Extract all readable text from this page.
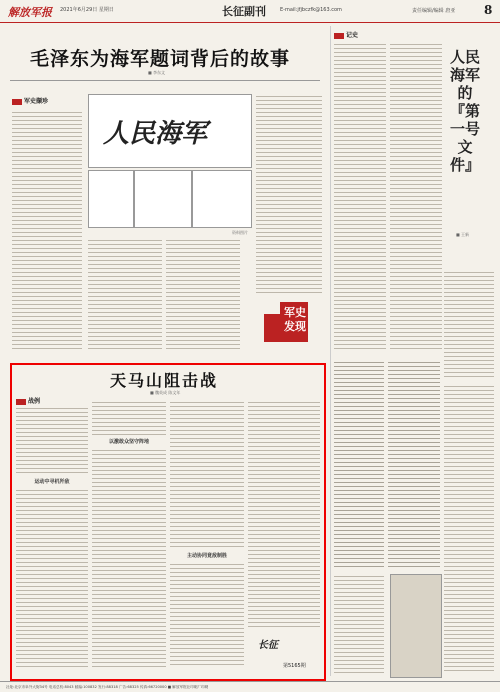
解放军报 2021年6月29日 星期日	长征副刊	E-mail:jfjbczfk@163.com	责任编辑/编辑 唐亚 8
毛泽东为海军题词背后的故事
■ 李东文
军史撷珍
人民海军
资料图片
军史
发现
记史
人民海军的『第一号文件』
■ 王新
天马山阻击战
■ 魏英成 陈文年
战例
运动中寻机歼敌
以激敢众坚守阵地
主动协同竟敌制胜
长征
第5165期
社址:北京市阜外大街34号 电话总机:8043 邮编:100832 发行:88318 广告:68325 传真:66720000 ■ 解放军报社印刷厂印刷
